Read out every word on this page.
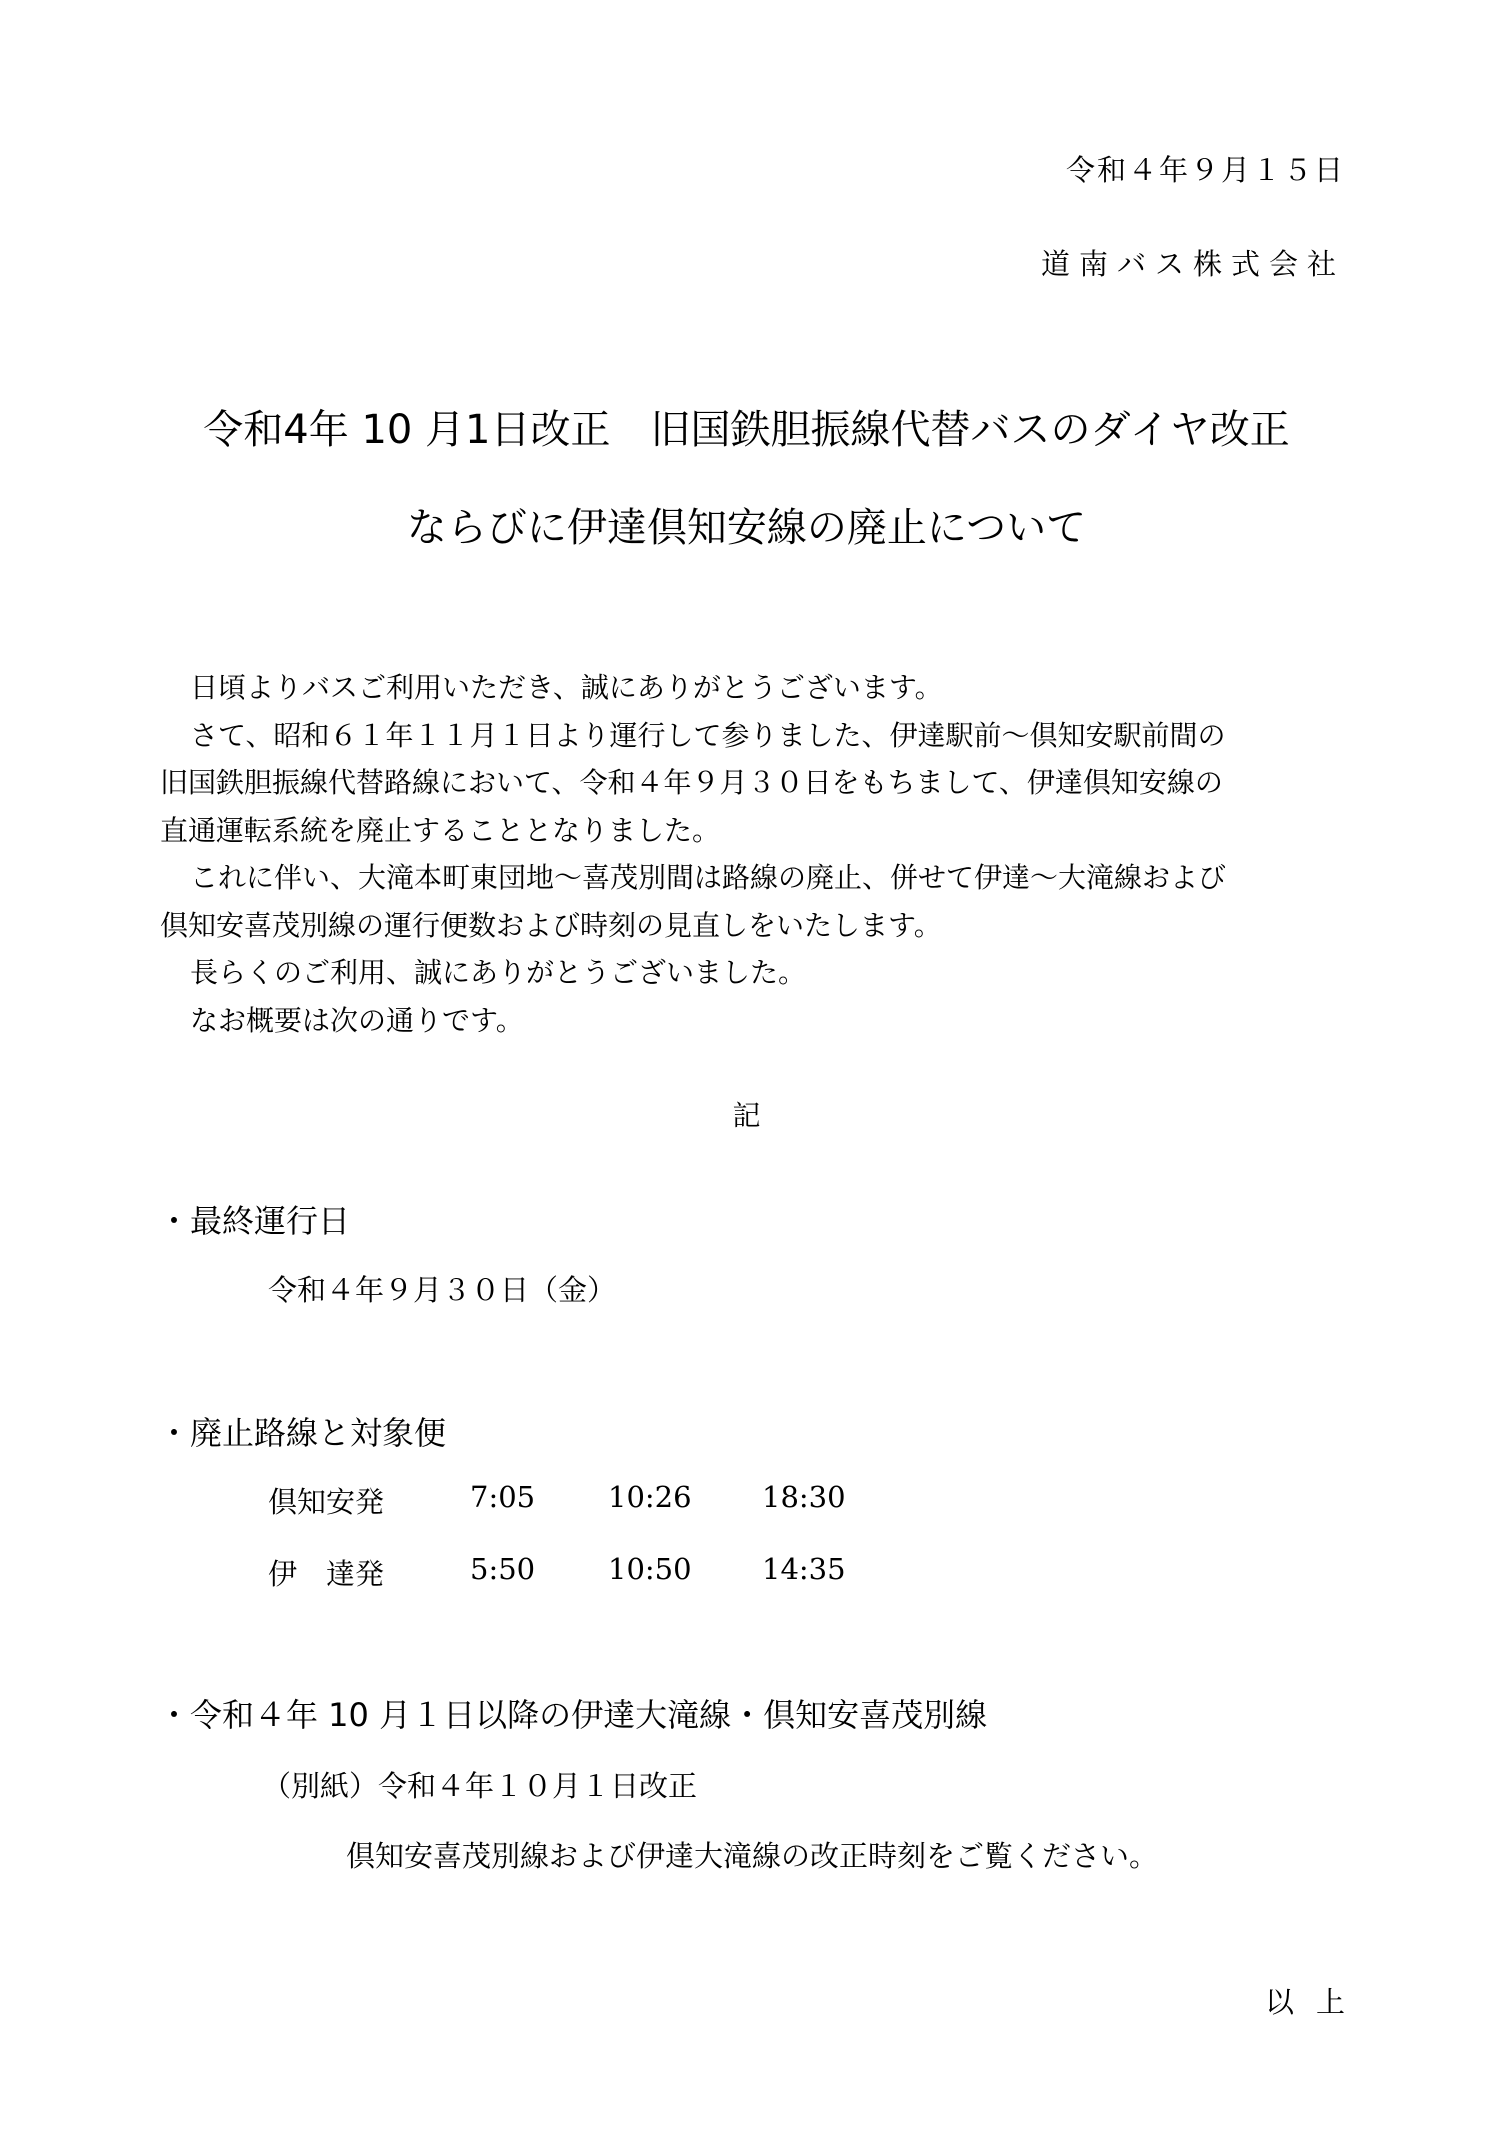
令和４年９月１５日
道南バス株式会社
令和4年 10 月1日改正　旧国鉄胆振線代替バスのダイヤ改正
ならびに伊達倶知安線の廃止について

日頃よりバスご利用いただき、誠にありがとうございます。

さて、昭和６１年１１月１日より運行して参りました、伊達駅前～倶知安駅前間の

旧国鉄胆振線代替路線において、令和４年９月３０日をもちまして、伊達倶知安線の

直通運転系統を廃止することとなりました。

これに伴い、大滝本町東団地～喜茂別間は路線の廃止、併せて伊達～大滝線および

倶知安喜茂別線の運行便数および時刻の見直しをいたします。

長らくのご利用、誠にありがとうございました。

なお概要は次の通りです。

記
・最終運行日
令和４年９月３０日（金）
・廃止路線と対象便
倶知安発	7:05	10:26 18:30
伊　達発	5:50	10:50 14:35
・令和４年 10 月１日以降の伊達大滝線・倶知安喜茂別線
（別紙）令和４年１０月１日改正
倶知安喜茂別線および伊達大滝線の改正時刻をご覧ください。
以上
